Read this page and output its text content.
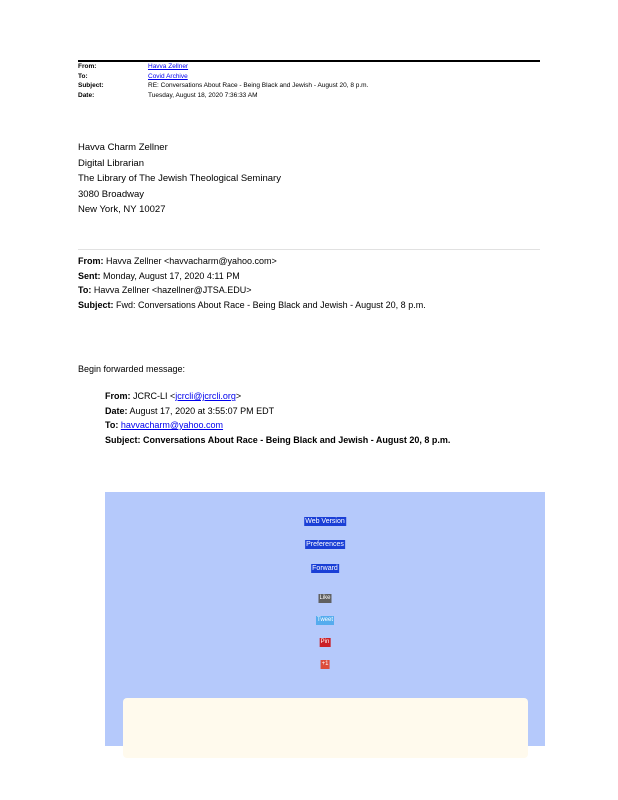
From:	Havva Zellner
To:	Covid Archive
Subject:	RE: Conversations About Race - Being Black and Jewish - August 20, 8 p.m.
Date:	Tuesday, August 18, 2020 7:36:33 AM
Havva Charm Zellner
Digital Librarian
The Library of The Jewish Theological Seminary
3080 Broadway
New York, NY 10027
From: Havva Zellner <havvacharm@yahoo.com>
Sent: Monday, August 17, 2020 4:11 PM
To: Havva Zellner <hazellner@JTSA.EDU>
Subject: Fwd: Conversations About Race - Being Black and Jewish - August 20, 8 p.m.
Begin forwarded message:
From: JCRC-LI <jcrcli@jcrcli.org>
Date: August 17, 2020 at 3:55:07 PM EDT
To: havvacharm@yahoo.com
Subject: Conversations About Race - Being Black and Jewish - August 20, 8 p.m.
Web Version
Preferences
Forward
Like
Tweet
Pin
+1
